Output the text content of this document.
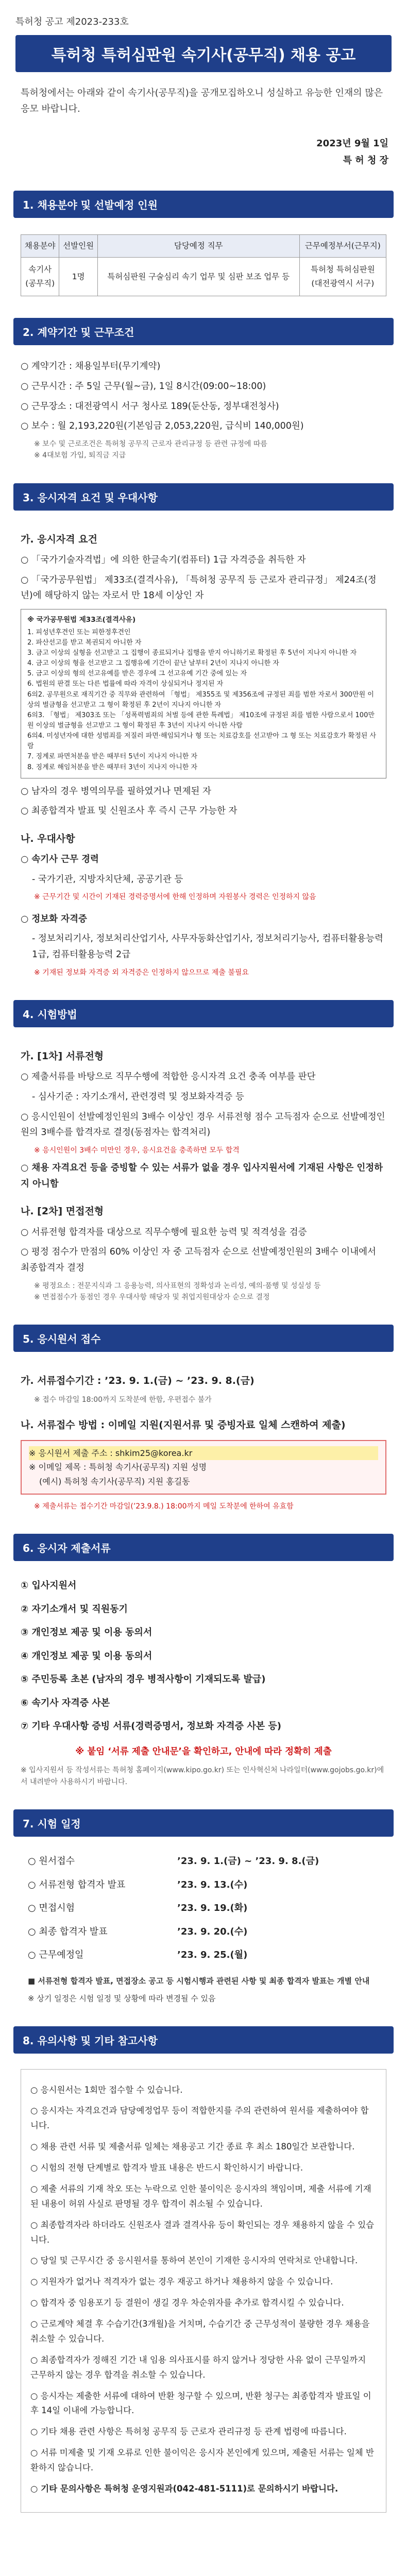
특허청 공고 제2023-233호
특허청 특허심판원 속기사(공무직) 채용 공고
특허청에서는 아래와 같이 속기사(공무직)을 공개모집하오니 성실하고 유능한 인재의 많은 응모 바랍니다.
2023년 9월 1일
특 허 청 장
1. 채용분야 및 선발예정 인원
채용분야	선발인원	담당예정 직무	근무예정부서(근무지)
속기사
(공무직)	1명	특허심판원 구술심리 속기 업무 및 심판 보조 업무 등	특허청 특허심판원
(대전광역시 서구)
2. 계약기간 및 근무조건
○ 계약기간 : 채용일부터(무기계약)
○ 근무시간 : 주 5일 근무(월~금), 1일 8시간(09:00~18:00)
○ 근무장소 : 대전광역시 서구 청사로 189(둔산동, 정부대전청사)
○ 보수 : 월 2,193,220원(기본임금 2,053,220원, 급식비 140,000원)
※ 보수 및 근로조건은 특허청 공무직 근로자 관리규정 등 관련 규정에 따름
※ 4대보험 가입, 퇴직금 지급
3. 응시자격 요건 및 우대사항
가. 응시자격 요건
○ 「국가기술자격법」에 의한 한글속기(컴퓨터) 1급 자격증을 취득한 자
○ 「국가공무원법」 제33조(결격사유), 「특허청 공무직 등 근로자 관리규정」 제24조(정년)에 해당하지 않는 자로서 만 18세 이상인 자
※ 국가공무원법 제33조(결격사유)
1. 피성년후견인 또는 피한정후견인
2. 파산선고를 받고 복권되지 아니한 자
3. 금고 이상의 실형을 선고받고 그 집행이 종료되거나 집행을 받지 아니하기로 확정된 후 5년이 지나지 아니한 자
4. 금고 이상의 형을 선고받고 그 집행유예 기간이 끝난 날부터 2년이 지나지 아니한 자
5. 금고 이상의 형의 선고유예를 받은 경우에 그 선고유예 기간 중에 있는 자
6. 법원의 판결 또는 다른 법률에 따라 자격이 상실되거나 정지된 자
6의2. 공무원으로 재직기간 중 직무와 관련하여 「형법」 제355조 및 제356조에 규정된 죄를 범한 자로서 300만원 이상의 벌금형을 선고받고 그 형이 확정된 후 2년이 지나지 아니한 자
6의3. 「형법」 제303조 또는 「성폭력범죄의 처벌 등에 관한 특례법」 제10조에 규정된 죄를 범한 사람으로서 100만원 이상의 벌금형을 선고받고 그 형이 확정된 후 3년이 지나지 아니한 사람
6의4. 미성년자에 대한 성범죄를 저질러 파면·해임되거나 형 또는 치료감호를 선고받아 그 형 또는 치료감호가 확정된 사람
7. 징계로 파면처분을 받은 때부터 5년이 지나지 아니한 자
8. 징계로 해임처분을 받은 때부터 3년이 지나지 아니한 자
○ 남자의 경우 병역의무를 필하였거나 면제된 자
○ 최종합격자 발표 및 신원조사 후 즉시 근무 가능한 자
나. 우대사항
○ 속기사 근무 경력
- 국가기관, 지방자치단체, 공공기관 등
※ 근무기간 및 시간이 기재된 경력증명서에 한해 인정하며 자원봉사 경력은 인정하지 않음
○ 정보화 자격증
- 정보처리기사, 정보처리산업기사, 사무자동화산업기사, 정보처리기능사, 컴퓨터활용능력 1급, 컴퓨터활용능력 2급
※ 기재된 정보화 자격증 외 자격증은 인정하지 않으므로 제출 불필요
4. 시험방법
가. [1차] 서류전형
○ 제출서류를 바탕으로 직무수행에 적합한 응시자격 요건 충족 여부를 판단
- 심사기준 : 자기소개서, 관련경력 및 정보화자격증 등
○ 응시인원이 선발예정인원의 3배수 이상인 경우 서류전형 점수 고득점자 순으로 선발예정인원의 3배수를 합격자로 결정(동점자는 합격처리)
※ 응시인원이 3배수 미만인 경우, 응시요건을 충족하면 모두 합격
○ 채용 자격요건 등을 증빙할 수 있는 서류가 없을 경우 입사지원서에 기재된 사항은 인정하지 아니함
나. [2차] 면접전형
○ 서류전형 합격자를 대상으로 직무수행에 필요한 능력 및 적격성을 검증
○ 평정 점수가 만점의 60% 이상인 자 중 고득점자 순으로 선발예정인원의 3배수 이내에서 최종합격자 결정
※ 평정요소 : 전문지식과 그 응용능력, 의사표현의 정확성과 논리성, 예의·품행 및 성실성 등
※ 면접점수가 동점인 경우 우대사항 해당자 및 취업지원대상자 순으로 결정
5. 응시원서 접수
가. 서류접수기간 : ’23. 9. 1.(금) ~ ’23. 9. 8.(금)
※ 접수 마감일 18:00까지 도착분에 한함, 우편접수 불가
나. 서류접수 방법 : 이메일 지원(지원서류 및 증빙자료 일체 스캔하여 제출)
※ 응시원서 제출 주소 : shkim25@korea.kr
※ 이메일 제목 : 특허청 속기사(공무직) 지원 성명
(예시) 특허청 속기사(공무직) 지원 홍길동
※ 제출서류는 접수기간 마감일(’23.9.8.) 18:00까지 메일 도착분에 한하여 유효함
6. 응시자 제출서류
① 입사지원서
② 자기소개서 및 직원동기
③ 개인정보 제공 및 이용 동의서
④ 개인정보 제공 및 이용 동의서
⑤ 주민등록 초본 (남자의 경우 병적사항이 기재되도록 발급)
⑥ 속기사 자격증 사본
⑦ 기타 우대사항 증빙 서류(경력증명서, 정보화 자격증 사본 등)
※ 붙임 ‘서류 제출 안내문’을 확인하고, 안내에 따라 정확히 제출
※ 입사지원서 등 작성서류는 특허청 홈페이지(www.kipo.go.kr) 또는 인사혁신처 나라일터(www.gojobs.go.kr)에서 내려받아 사용하시기 바랍니다.
7. 시험 일정
○ 원서접수	’23. 9. 1.(금) ~ ’23. 9. 8.(금)
○ 서류전형 합격자 발표	’23. 9. 13.(수)
○ 면접시험	’23. 9. 19.(화)
○ 최종 합격자 발표	’23. 9. 20.(수)
○ 근무예정일	’23. 9. 25.(월)
■ 서류전형 합격자 발표, 면접장소 공고 등 시험시행과 관련된 사항 및 최종 합격자 발표는 개별 안내
※ 상기 일정은 시험 일정 및 상황에 따라 변경될 수 있음
8. 유의사항 및 기타 참고사항
○ 응시원서는 1회만 접수할 수 있습니다.
○ 응시자는 자격요건과 담당예정업무 등이 적합한지를 주의 관련하여 원서를 제출하여야 합니다.
○ 채용 관련 서류 및 제출서류 일체는 채용공고 기간 종료 후 최소 180일간 보관합니다.
○ 시험의 전형 단계별로 합격자 발표 내용은 반드시 확인하시기 바랍니다.
○ 제출 서류의 기재 착오 또는 누락으로 인한 불이익은 응시자의 책임이며, 제출 서류에 기재된 내용이 허위 사실로 판명될 경우 합격이 취소될 수 있습니다.
○ 최종합격자라 하더라도 신원조사 결과 결격사유 등이 확인되는 경우 채용하지 않을 수 있습니다.
○ 당일 및 근무시간 중 응시원서를 통하여 본인이 기재한 응시자의 연락처로 안내합니다.
○ 지원자가 없거나 적격자가 없는 경우 재공고 하거나 채용하지 않을 수 있습니다.
○ 합격자 중 임용포기 등 결원이 생길 경우 차순위자를 추가로 합격시킬 수 있습니다.
○ 근로계약 체결 후 수습기간(3개월)을 거치며, 수습기간 중 근무성적이 불량한 경우 채용을 취소할 수 있습니다.
○ 최종합격자가 정해진 기간 내 임용 의사표시를 하지 않거나 정당한 사유 없이 근무일까지 근무하지 않는 경우 합격을 취소할 수 있습니다.
○ 응시자는 제출한 서류에 대하여 반환 청구할 수 있으며, 반환 청구는 최종합격자 발표일 이후 14일 이내에 가능합니다.
○ 기타 채용 관련 사항은 특허청 공무직 등 근로자 관리규정 등 관계 법령에 따릅니다.
○ 서류 미제출 및 기재 오류로 인한 불이익은 응시자 본인에게 있으며, 제출된 서류는 일체 반환하지 않습니다.
○ 기타 문의사항은 특허청 운영지원과(042-481-5111)로 문의하시기 바랍니다.
